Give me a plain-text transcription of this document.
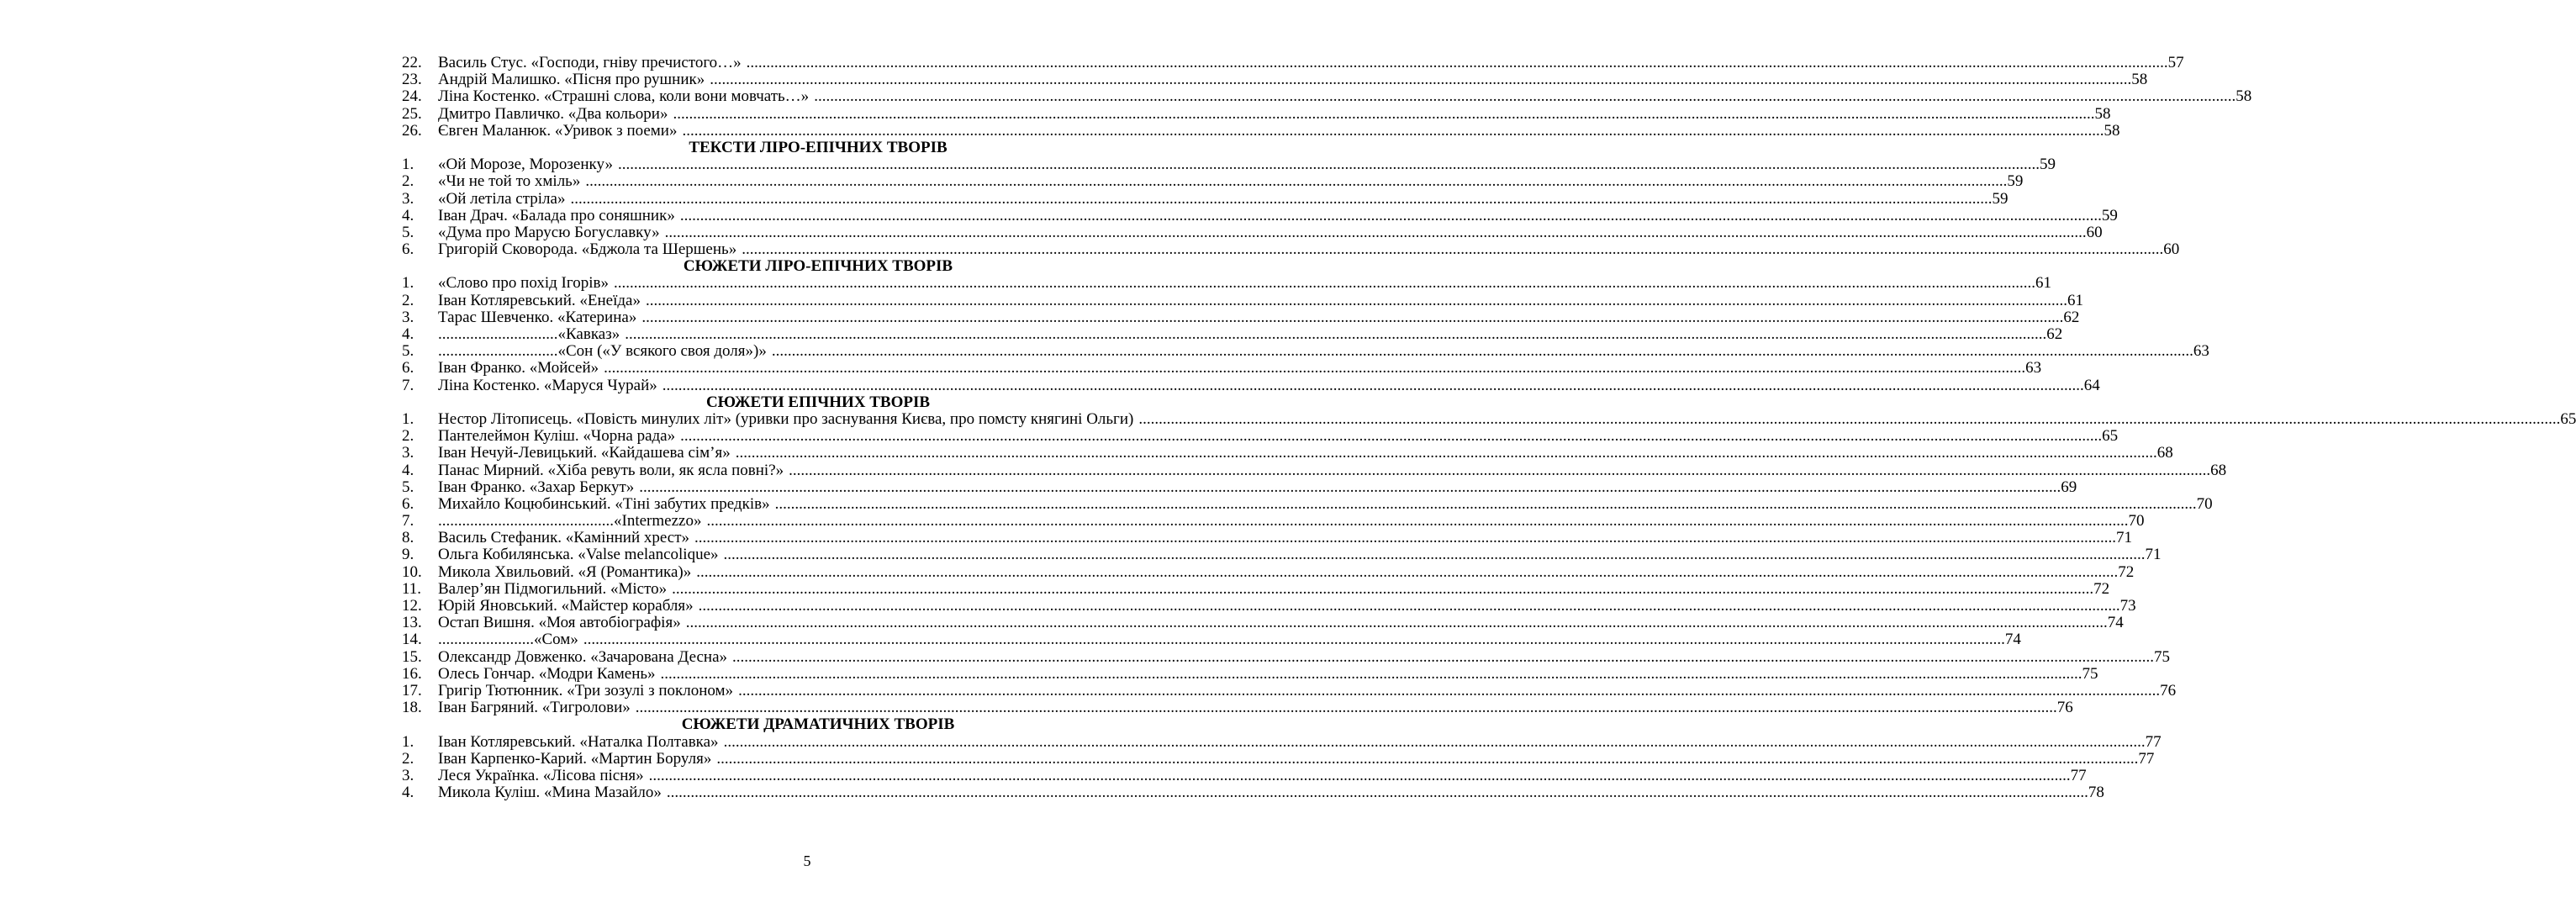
22.	Василь Стус. «Господи, гніву пречистого…» .....	57
23.	Андрій Малишко. «Пісня про рушник» .....	58
24.	Ліна Костенко. «Страшні слова, коли вони мовчать…» .....	58
25.	Дмитро Павличко. «Два кольори» .....	58
26.	Євген Маланюк. «Уривок з поеми» .....	58
ТЕКСТИ ЛІРО-ЕПІЧНИХ ТВОРІВ
1.	«Ой Морозе, Морозенку» .....	59
2.	«Чи не той то хміль» .....	59
3.	«Ой летіла стріла» .....	59
4.	Іван Драч. «Балада про соняшник» .....	59
5.	«Дума про Марусю Богуславку» .....	60
6.	Григорій Сковорода. «Бджола та Шершень» .....	60
СЮЖЕТИ ЛІРО-ЕПІЧНИХ ТВОРІВ
1.	«Слово про похід Ігорів» .....	61
2.	Іван Котляревський. «Енеїда» .....	61
3.	Тарас Шевченко. «Катерина» .....	62
4.	..............................«Кавказ» .....	62
5.	..............................«Сон («У всякого своя доля»)» .....	63
6.	Іван Франко. «Мойсей» .....	63
7.	Ліна Костенко. «Маруся Чурай» .....	64
СЮЖЕТИ ЕПІЧНИХ ТВОРІВ
1.	Нестор Літописець. «Повість минулих літ» (уривки про заснування Києва, про помсту княгині Ольги) .....	65
2.	Пантелеймон Куліш. «Чорна рада» .....	65
3.	Іван Нечуй-Левицький. «Кайдашева сім’я» .....	68
4.	Панас Мирний. «Хіба ревуть воли, як ясла повні?» .....	68
5.	Іван Франко. «Захар Беркут» .....	69
6.	Михайло Коцюбинський. «Тіні забутих предків» .....	70
7.	............................................«Intermezzo» .....	70
8.	Василь Стефаник. «Камінний хрест» .....	71
9.	Ольга Кобилянська. «Valse melancolique» .....	71
10.	Микола Хвильовий. «Я (Романтика)» .....	72
11.	Валер’ян Підмогильний. «Місто» .....	72
12.	Юрій Яновський. «Майстер корабля» .....	73
13.	Остап Вишня. «Моя автобіографія» .....	74
14.	........................«Сом» .....	74
15.	Олександр Довженко. «Зачарована Десна» .....	75
16.	Олесь Гончар. «Модри Камень» .....	75
17.	Григір Тютюнник. «Три зозулі з поклоном» .....	76
18.	Іван Багряний. «Тигролови» .....	76
СЮЖЕТИ ДРАМАТИЧНИХ ТВОРІВ
1.	Іван Котляревський. «Наталка Полтавка» .....	77
2.	Іван Карпенко-Карий. «Мартин Боруля» .....	77
3.	Леся Українка. «Лісова пісня» .....	77
4.	Микола Куліш. «Мина Мазайло» .....	78
5
